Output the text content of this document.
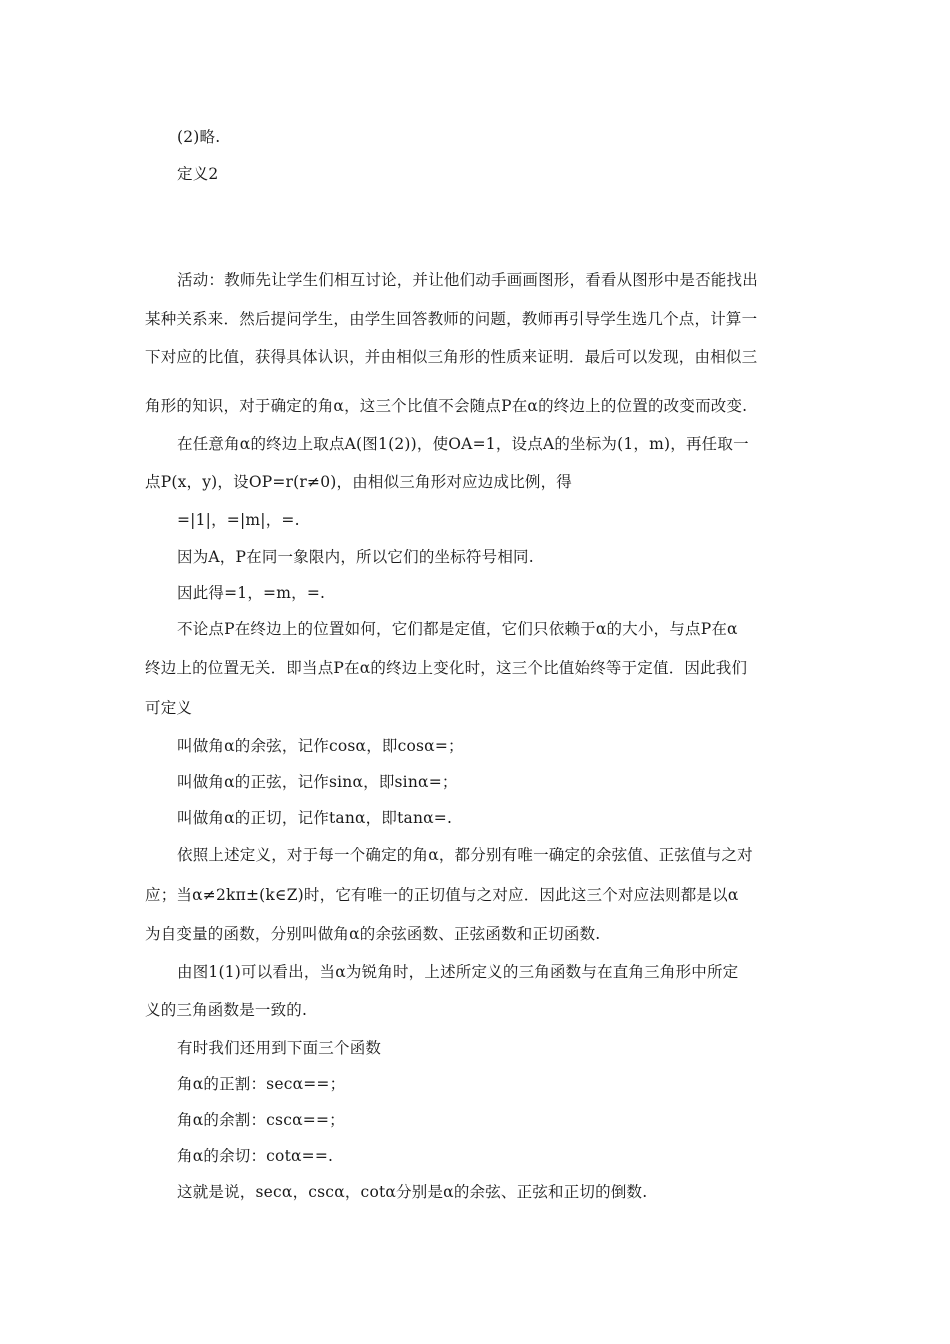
(2)略.
定义2
活动：教师先让学生们相互讨论，并让他们动手画画图形，看看从图形中是否能找出
某种关系来．然后提问学生，由学生回答教师的问题，教师再引导学生选几个点，计算一
下对应的比值，获得具体认识，并由相似三角形的性质来证明．最后可以发现，由相似三
角形的知识，对于确定的角α，这三个比值不会随点P在α的终边上的位置的改变而改变.
在任意角α的终边上取点A(图1(2))，使OA=1，设点A的坐标为(1，m)，再任取一
点P(x，y)，设OP=r(r≠0)，由相似三角形对应边成比例，得
=|1|，=|m|，=.
因为A，P在同一象限内，所以它们的坐标符号相同.
因此得=1，=m，=.
不论点P在终边上的位置如何，它们都是定值，它们只依赖于α的大小，与点P在α
终边上的位置无关．即当点P在α的终边上变化时，这三个比值始终等于定值．因此我们
可定义
叫做角α的余弦，记作cosα，即cosα=；
叫做角α的正弦，记作sinα，即sinα=；
叫做角α的正切，记作tanα，即tanα=.
依照上述定义，对于每一个确定的角α，都分别有唯一确定的余弦值、正弦值与之对
应；当α≠2kπ±(k∈Z)时，它有唯一的正切值与之对应．因此这三个对应法则都是以α
为自变量的函数，分别叫做角α的余弦函数、正弦函数和正切函数.
由图1(1)可以看出，当α为锐角时，上述所定义的三角函数与在直角三角形中所定
义的三角函数是一致的.
有时我们还用到下面三个函数
角α的正割：secα==；
角α的余割：cscα==；
角α的余切：cotα==.
这就是说，secα，cscα，cotα分别是α的余弦、正弦和正切的倒数.
